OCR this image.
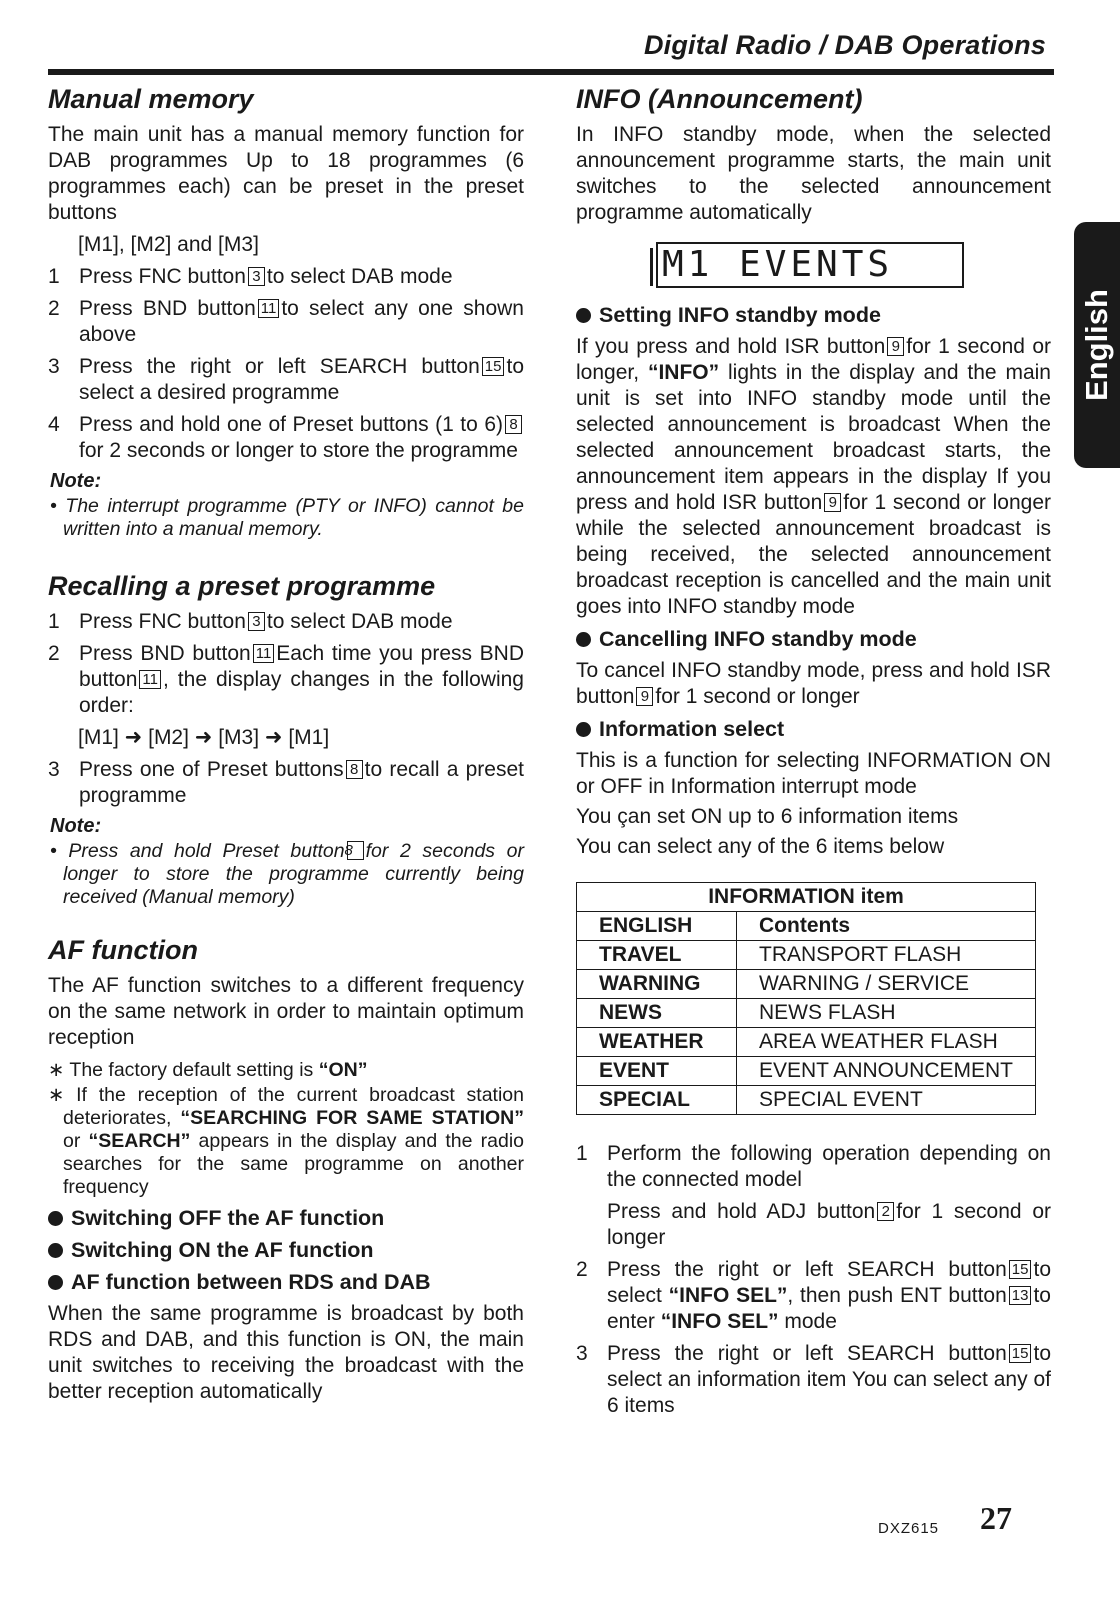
Digital Radio / DAB Operations
English
Manual memory

The main unit has a manual memory function for DAB programmes Up to 18 programmes (6 programmes each) can be preset in the preset buttons

[M1], [M2] and [M3]
1 Press FNC button 3 to select DAB mode
2 Press BND button 11 to select any one shown above
3 Press the right or left SEARCH button 15 to select a desired programme
4 Press and hold one of Preset buttons (1 to 6) 8for 2 seconds or longer to store the programme
Note:
• The interrupt programme (PTY or INFO) cannot be written into a manual memory.
Recalling a preset programme
1 Press FNC button 3 to select DAB mode
2 Press BND button 11 Each time you press BND button 11 , the display changes in the following order:
[M1] ➜ [M2] ➜ [M3] ➜ [M1]
3 Press one of Preset buttons 8 to recall a preset programme
Note:
• Press and hold Preset button8 for 2 seconds or longer to store the programme currently being received (Manual memory)
AF function

The AF function switches to a different frequency on the same network in order to maintain optimum reception

∗ The factory default setting is “ON”
∗ If the reception of the current broadcast station deteriorates, “SEARCHING FOR SAME STATION” or “SEARCH” appears in the display and the radio searches for the same programme on another frequency
Switching OFF the AF function
Switching ON the AF function
AF function between RDS and DAB

When the same programme is broadcast by both RDS and DAB, and this function is ON, the main unit switches to receiving the broadcast with the better reception automatically

INFO (Announcement)

In INFO standby mode, when the selected announcement programme starts, the main unit switches to the selected announcement programme automatically

M1 EVENTS
Setting INFO standby mode

If you press and hold ISR button 9 for 1 second or longer, “INFO” lights in the display and the main unit is set into INFO standby mode until the selected announcement is broadcast When the selected announcement broadcast starts, the announcement item appears in the display If you press and hold ISR button 9 for 1 second or longer while the selected announcement broadcast is being received, the selected announcement broadcast reception is cancelled and the main unit goes into INFO standby mode

Cancelling INFO standby mode

To cancel INFO standby mode, press and hold ISR button 9 for 1 second or longer

Information select

This is a function for selecting INFORMATION ON or OFF in Information interrupt mode

You çan set ON up to 6 information items

You can select any of the 6 items below

INFORMATION item	
ENGLISH	Contents
TRAVEL	TRANSPORT FLASH
WARNING	WARNING / SERVICE
NEWS	NEWS FLASH
WEATHER	AREA WEATHER FLASH
EVENT	EVENT ANNOUNCEMENT
SPECIAL	SPECIAL EVENT
1 Perform the following operation depending on the connected model
Press and hold ADJ button 2 for 1 second or longer
2 Press the right or left SEARCH button 15 to select “INFO SEL”, then push ENT button 13 to enter “INFO SEL” mode
3 Press the right or left SEARCH button 15 to select an information item You can select any of 6 items
DXZ615 27
